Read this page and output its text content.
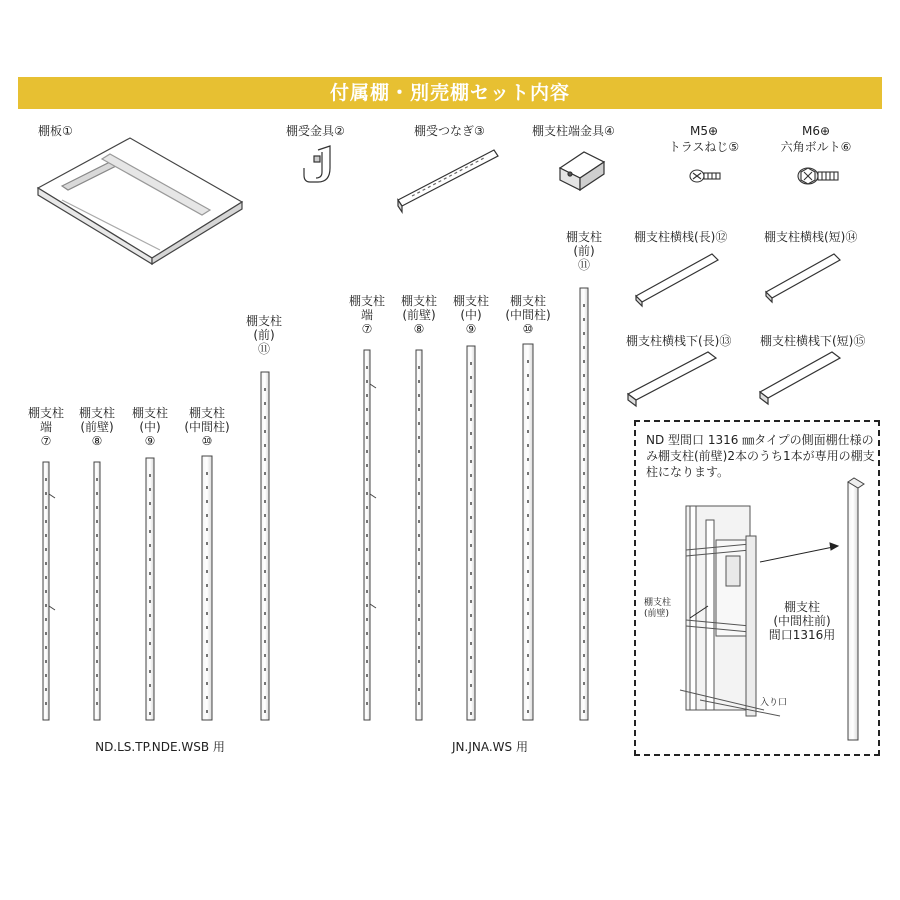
付属棚・別売棚セット内容
棚板①	棚受金具②	棚受つなぎ③	棚支柱端金具④	M5⊕
トラスねじ⑤
M6⊕
六角ボルト⑥
棚支柱横桟(長)⑫	棚支柱横桟(短)⑭
棚支柱横桟下(長)⑬ 棚支柱横桟下(短)⑮
棚支柱
端
⑦
棚支柱
(前壁)
⑧
棚支柱
(中)
⑨
棚支柱
(中間柱)
⑩
棚支柱
(前)
⑪
ND.LS.TP.NDE.WSB 用
棚支柱
端
⑦
棚支柱
(前壁)
⑧
棚支柱
(中)
⑨
棚支柱
(中間柱)
⑩
棚支柱
(前)
⑪
JN.JNA.WS 用
ND 型間口 1316 ㎜タイプの側面棚仕様のみ棚支柱(前壁)2本のうち1本が専用の棚支柱になります。
棚支柱
(前壁)
入り口
棚支柱
(中間柱前)
間口1316用
